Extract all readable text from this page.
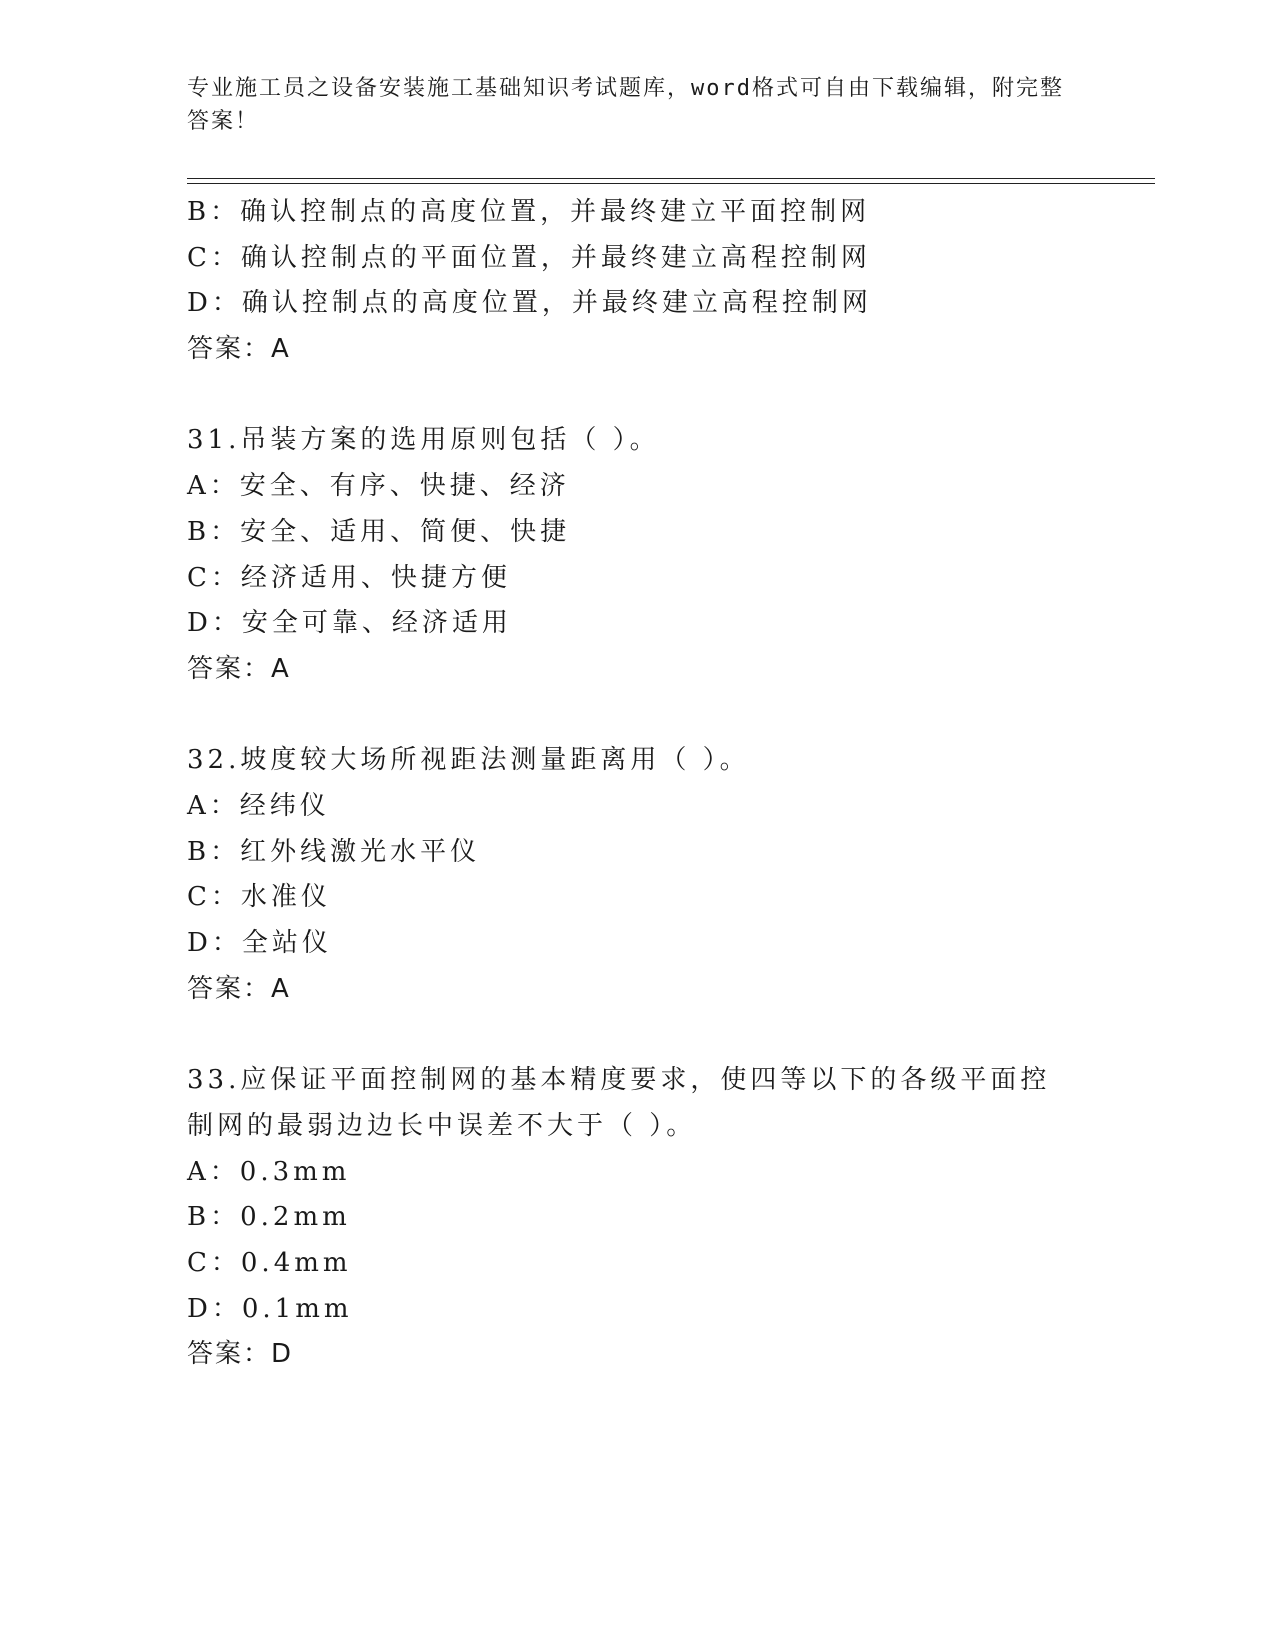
专业施工员之设备安装施工基础知识考试题库，word格式可自由下载编辑，附完整答案！
B：确认控制点的高度位置，并最终建立平面控制网
C：确认控制点的平面位置，并最终建立高程控制网
D：确认控制点的高度位置，并最终建立高程控制网
答案：A
31.吊装方案的选用原则包括（ ）。
A：安全、有序、快捷、经济
B：安全、适用、简便、快捷
C：经济适用、快捷方便
D：安全可靠、经济适用
答案：A
32.坡度较大场所视距法测量距离用（ ）。
A：经纬仪
B：红外线激光水平仪
C：水准仪
D：全站仪
答案：A
33.应保证平面控制网的基本精度要求，使四等以下的各级平面控制网的最弱边边长中误差不大于（ ）。
A：0.3mm
B：0.2mm
C：0.4mm
D：0.1mm
答案：D
